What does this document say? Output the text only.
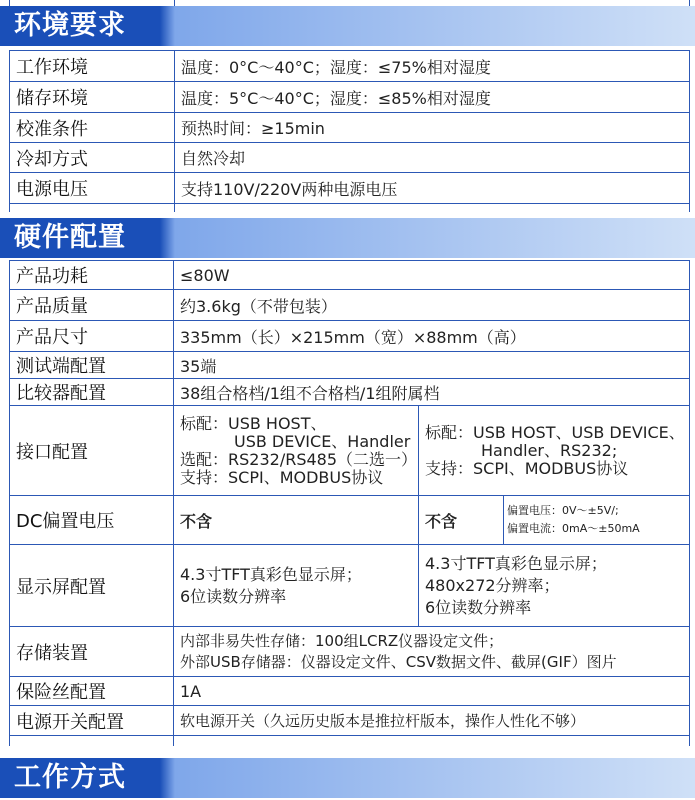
环境要求
工作环境	温度：0°C～40°C；湿度：≤75%相对湿度
储存环境	温度：5°C～40°C；湿度：≤85%相对湿度
校准条件	预热时间：≥15min
冷却方式	自然冷却
电源电压	支持110V/220V两种电源电压

硬件配置
产品功耗	≤80W		
产品质量	约3.6kg（不带包装）		
产品尺寸	335mm（长）×215mm（宽）×88mm（高）		
测试端配置	35端		
比较器配置	38组合格档/1组不合格档/1组附属档		
接口配置	标配：USB HOST、
USB DEVICE、Handler
选配：RS232/RS485（二选一）
支持：SCPI、MODBUS协议	标配：USB HOST、USB DEVICE、
Handler、RS232;
支持：SCPI、MODBUS协议	

DC偏置电压	不含	不含	偏置电压：0V～±5V/;
偏置电流：0mA～±50mA

显示屏配置	4.3寸TFT真彩色显示屏；
6位读数分辨率	4.3寸TFT真彩色显示屏；
480x272分辨率；
6位读数分辨率	

存储装置	内部非易失性存储：100组LCRZ仪器设定文件；
外部USB存储器：仪器设定文件、CSV数据文件、截屏(GIF）图片		

保险丝配置	1A		
电源开关配置	软电源开关（久远历史版本是推拉杆版本，操作人性化不够）		

工作方式
